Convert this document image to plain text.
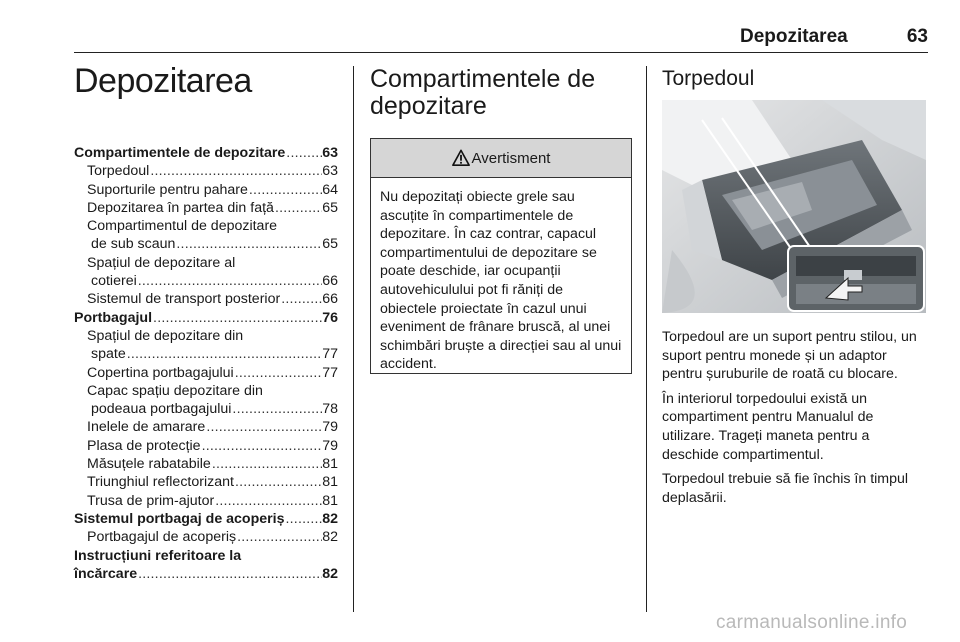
Depozitarea	63
Depozitarea
Compartimentele de depozitare .....	63
Torpedoul .....	63
Suporturile pentru pahare .....	64
Depozitarea în partea din față .....	65
Compartimentul de depozitare
de sub scaun .....	65
Spațiul de depozitare al
cotierei .....	66
Sistemul de transport posterior .....	66
Portbagajul .....	76
Spațiul de depozitare din
spate .....	77
Copertina portbagajului .....	77
Capac spațiu depozitare din
podeaua portbagajului .....	78
Inelele de amarare .....	79
Plasa de protecție .....	79
Măsuțele rabatabile .....	81
Triunghiul reflectorizant .....	81
Trusa de prim-ajutor .....	81
Sistemul portbagaj de acoperiș .....	82
Portbagajul de acoperiș .....	82
Instrucțiuni referitoare la
încărcare .....	82
Compartimentele de depozitare
Avertisment

Nu depozitați obiecte grele sau ascuțite în compartimentele de depozitare. În caz contrar, capacul compartimentului de depozitare se poate deschide, iar ocupanții autovehiculului pot fi răniți de obiectele proiectate în cazul unui eveniment de frânare bruscă, al unei schimbări bruște a direcției sau al unui accident.

Torpedoul

Torpedoul are un suport pentru stilou, un suport pentru monede și un adaptor pentru șuruburile de roată cu blocare.

În interiorul torpedoului există un compartiment pentru Manualul de utilizare. Trageți maneta pentru a deschide compartimentul.

Torpedoul trebuie să fie închis în timpul deplasării.

carmanualsonline.info
